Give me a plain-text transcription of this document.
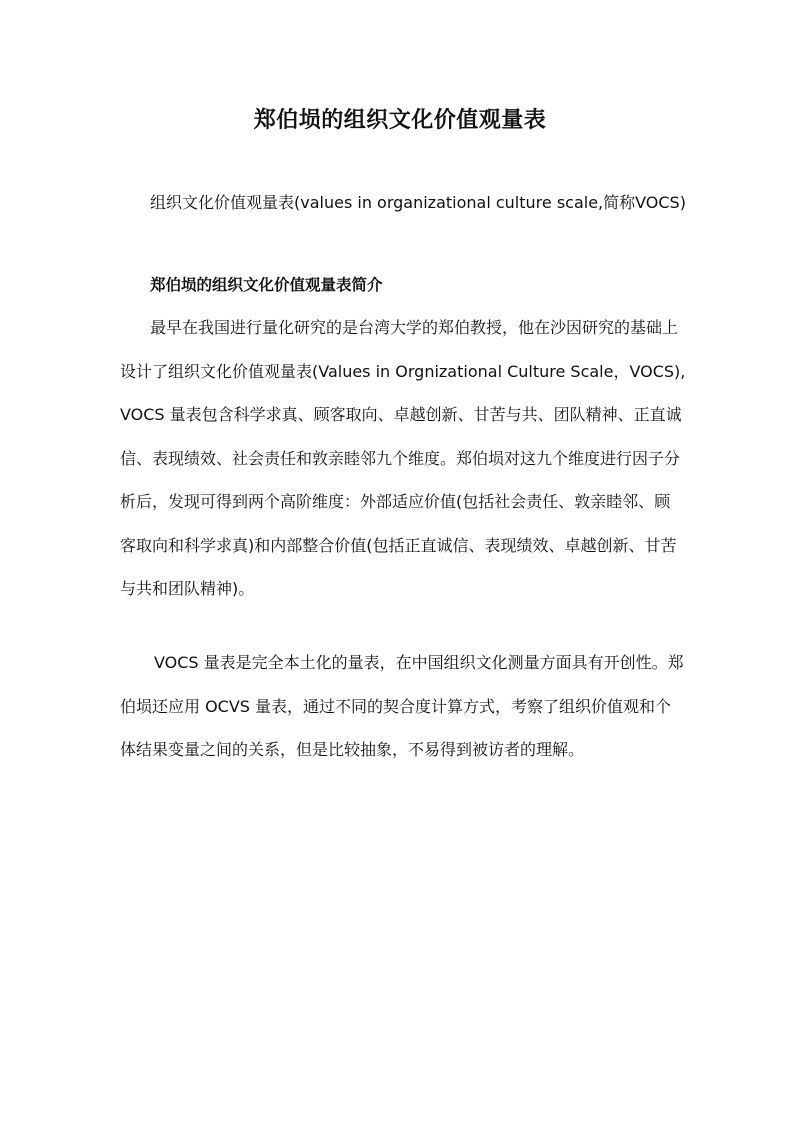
郑伯埙的组织文化价值观量表

组织文化价值观量表(values in organizational culture scale,简称VOCS)

郑伯埙的组织文化价值观量表简介
最早在我国进行量化研究的是台湾大学的郑伯教授，他在沙因研究的基础上
设计了组织文化价值观量表(Values in Orgnizational Culture Scale，VOCS),
VOCS 量表包含科学求真、顾客取向、卓越创新、甘苦与共、团队精神、正直诚
信、表现绩效、社会责任和敦亲睦邻九个维度。郑伯埙对这九个维度进行因子分
析后，发现可得到两个高阶维度：外部适应价值(包括社会责任、敦亲睦邻、顾
客取向和科学求真)和内部整合价值(包括正直诚信、表现绩效、卓越创新、甘苦
与共和团队精神)。
VOCS 量表是完全本土化的量表，在中国组织文化测量方面具有开创性。郑
伯埙还应用 OCVS 量表，通过不同的契合度计算方式，考察了组织价值观和个
体结果变量之间的关系，但是比较抽象，不易得到被访者的理解。
